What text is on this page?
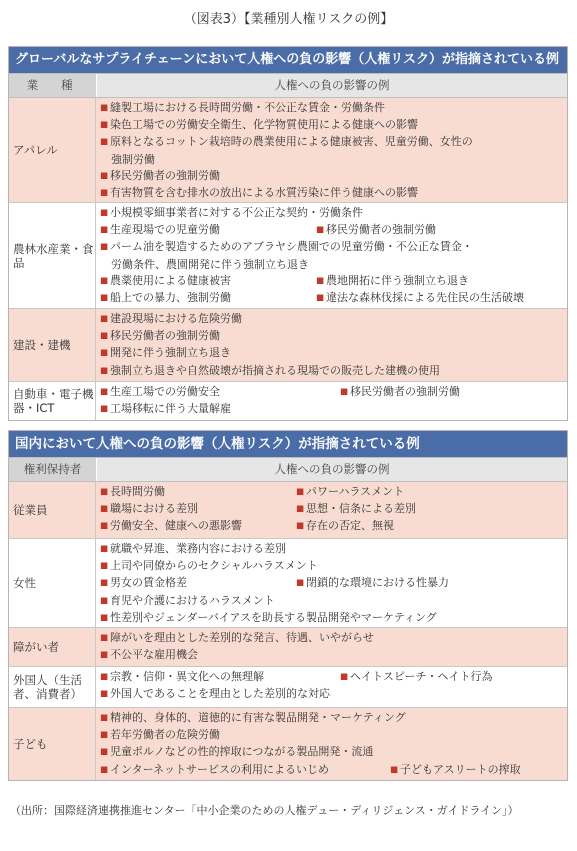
（図表3）【業種別人権リスクの例】
グローバルなサプライチェーンにおいて人権への負の影響（人権リスク）が指摘されている例
業　種	人権への負の影響の例
アパレル
■ 縫製工場における長時間労働・不公正な賃金・労働条件
■ 染色工場での労働安全衛生、化学物質使用による健康への影響
■ 原料となるコットン栽培時の農業使用による健康被害、児童労働、女性の
強制労働
■ 移民労働者の強制労働
■ 有害物質を含む排水の放出による水質汚染に伴う健康への影響
農林水産業・食品
■ 小規模零細事業者に対する不公正な契約・労働条件
■ 生産現場での児童労働	■ 移民労働者の強制労働
■ パーム油を製造するためのアブラヤシ農園での児童労働・不公正な賃金・
労働条件、農園開発に伴う強制立ち退き
■ 農薬使用による健康被害	■ 農地開拓に伴う強制立ち退き
■ 船上での暴力、強制労働	■ 違法な森林伐採による先住民の生活破壊
建設・建機
■ 建設現場における危険労働
■ 移民労働者の強制労働
■ 開発に伴う強制立ち退き
■ 強制立ち退きや自然破壊が指摘される現場での販売した建機の使用
自動車・電子機器・ICT
■ 生産工場での労働安全	■ 移民労働者の強制労働
■ 工場移転に伴う大量解雇
国内において人権への負の影響（人権リスク）が指摘されている例
権利保持者	人権への負の影響の例
従業員
■ 長時間労働	■ パワーハラスメント
■ 職場における差別	■ 思想・信条による差別
■ 労働安全、健康への悪影響	■ 存在の否定、無視
女性
■ 就職や昇進、業務内容における差別
■ 上司や同僚からのセクシャルハラスメント
■ 男女の賃金格差	■ 閉鎖的な環境における性暴力
■ 育児や介護におけるハラスメント
■ 性差別やジェンダーバイアスを助長する製品開発やマーケティング
障がい者
■ 障がいを理由とした差別的な発言、待遇、いやがらせ
■ 不公平な雇用機会
外国人（生活者、消費者）
■ 宗教・信仰・異文化への無理解	■ ヘイトスピーチ・ヘイト行為
■ 外国人であることを理由とした差別的な対応
子ども
■ 精神的、身体的、道徳的に有害な製品開発・マーケティング
■ 若年労働者の危険労働
■ 児童ポルノなどの性的搾取につながる製品開発・流通
■ インターネットサービスの利用によるいじめ	■ 子どもアスリートの搾取
（出所：国際経済連携推進センター「中小企業のための人権デュー・ディリジェンス・ガイドライン」）
